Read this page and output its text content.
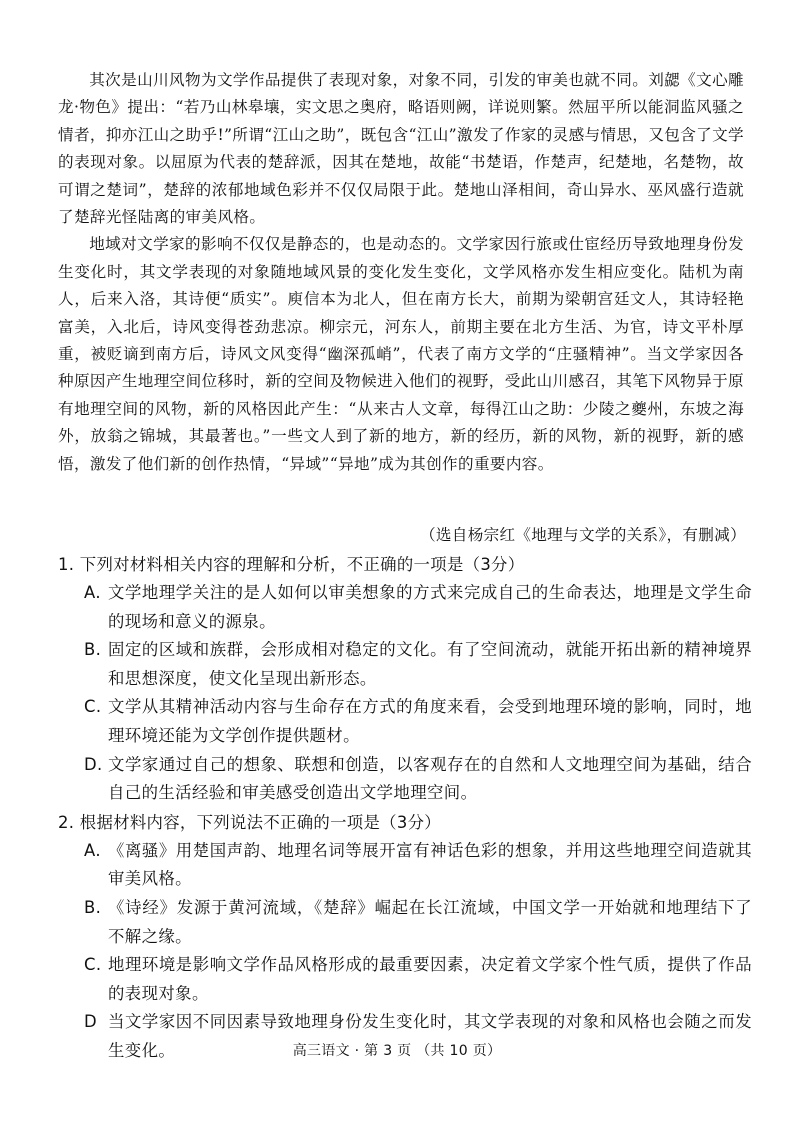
其次是山川风物为文学作品提供了表现对象，对象不同，引发的审美也就不同。刘勰《文心雕龙·物色》提出：“若乃山林皋壤，实文思之奥府，略语则阙，详说则繁。然屈平所以能洞监风骚之情者，抑亦江山之助乎!”所谓“江山之助”，既包含“江山”激发了作家的灵感与情思，又包含了文学的表现对象。以屈原为代表的楚辞派，因其在楚地，故能“书楚语，作楚声，纪楚地，名楚物，故可谓之楚词”，楚辞的浓郁地域色彩并不仅仅局限于此。楚地山泽相间，奇山异水、巫风盛行造就了楚辞光怪陆离的审美风格。

地域对文学家的影响不仅仅是静态的，也是动态的。文学家因行旅或仕宦经历导致地理身份发生变化时，其文学表现的对象随地域风景的变化发生变化，文学风格亦发生相应变化。陆机为南人，后来入洛，其诗便“质实”。庾信本为北人，但在南方长大，前期为梁朝宫廷文人，其诗轻艳富美，入北后，诗风变得苍劲悲凉。柳宗元，河东人，前期主要在北方生活、为官，诗文平朴厚重，被贬谪到南方后，诗风文风变得“幽深孤峭”，代表了南方文学的“庄骚精神”。当文学家因各种原因产生地理空间位移时，新的空间及物候进入他们的视野，受此山川感召，其笔下风物异于原有地理空间的风物，新的风格因此产生：“从来古人文章，每得江山之助：少陵之夔州，东坡之海外，放翁之锦城，其最著也。”一些文人到了新的地方，新的经历，新的风物，新的视野，新的感悟，激发了他们新的创作热情，“异域”“异地”成为其创作的重要内容。

（选自杨宗红《地理与文学的关系》，有删减）

1. 下列对材料相关内容的理解和分析，不正确的一项是（3分）

A. 文学地理学关注的是人如何以审美想象的方式来完成自己的生命表达，地理是文学生命的现场和意义的源泉。
B. 固定的区域和族群，会形成相对稳定的文化。有了空间流动，就能开拓出新的精神境界和思想深度，使文化呈现出新形态。
C. 文学从其精神活动内容与生命存在方式的角度来看，会受到地理环境的影响，同时，地理环境还能为文学创作提供题材。
D. 文学家通过自己的想象、联想和创造，以客观存在的自然和人文地理空间为基础，结合自己的生活经验和审美感受创造出文学地理空间。

2. 根据材料内容，下列说法不正确的一项是（3分）

A. 《离骚》用楚国声韵、地理名词等展开富有神话色彩的想象，并用这些地理空间造就其审美风格。
B. 《诗经》发源于黄河流域，《楚辞》崛起在长江流域，中国文学一开始就和地理结下了不解之缘。
C. 地理环境是影响文学作品风格形成的最重要因素，决定着文学家个性气质，提供了作品的表现对象。
D 当文学家因不同因素导致地理身份发生变化时，其文学表现的对象和风格也会随之而发生变化。	高三语文 · 第 3 页 （共 10 页）
